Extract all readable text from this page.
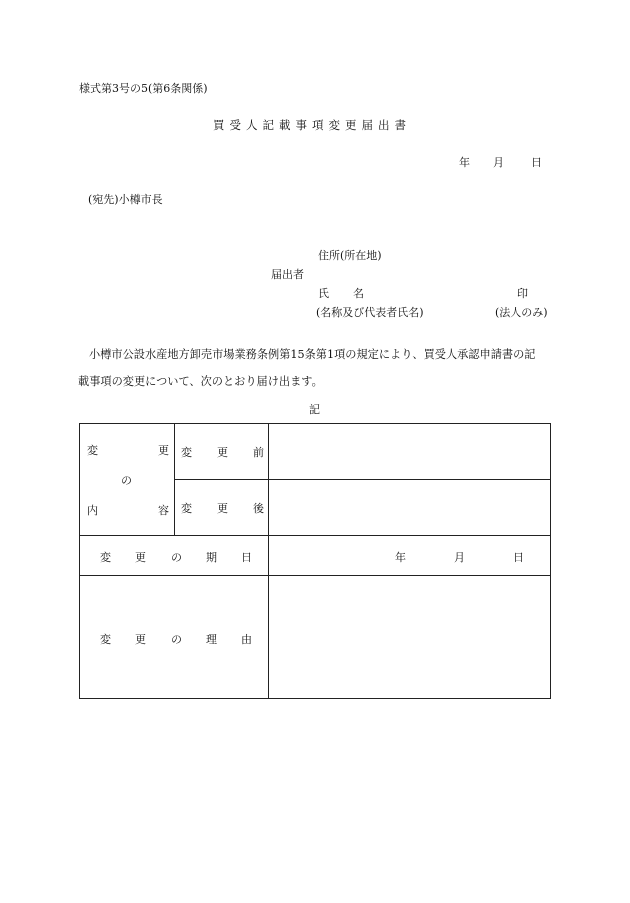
様式第3号の5(第6条関係)
買受人記載事項変更届出書
年 月 日
(宛先)小樽市長
住所(所在地)
届出者
氏 名	印
(名称及び代表者氏名)	(法人のみ)
小樽市公設水産地方卸売市場業務条例第15条第1項の規定により、買受人承認申請書の記
載事項の変更について、次のとおり届け出ます。
記
変 更
の
内 容	変 更 前	

	変 更 後	

変 更 の 期 日		年 月 日

変 更 の 理 由		
